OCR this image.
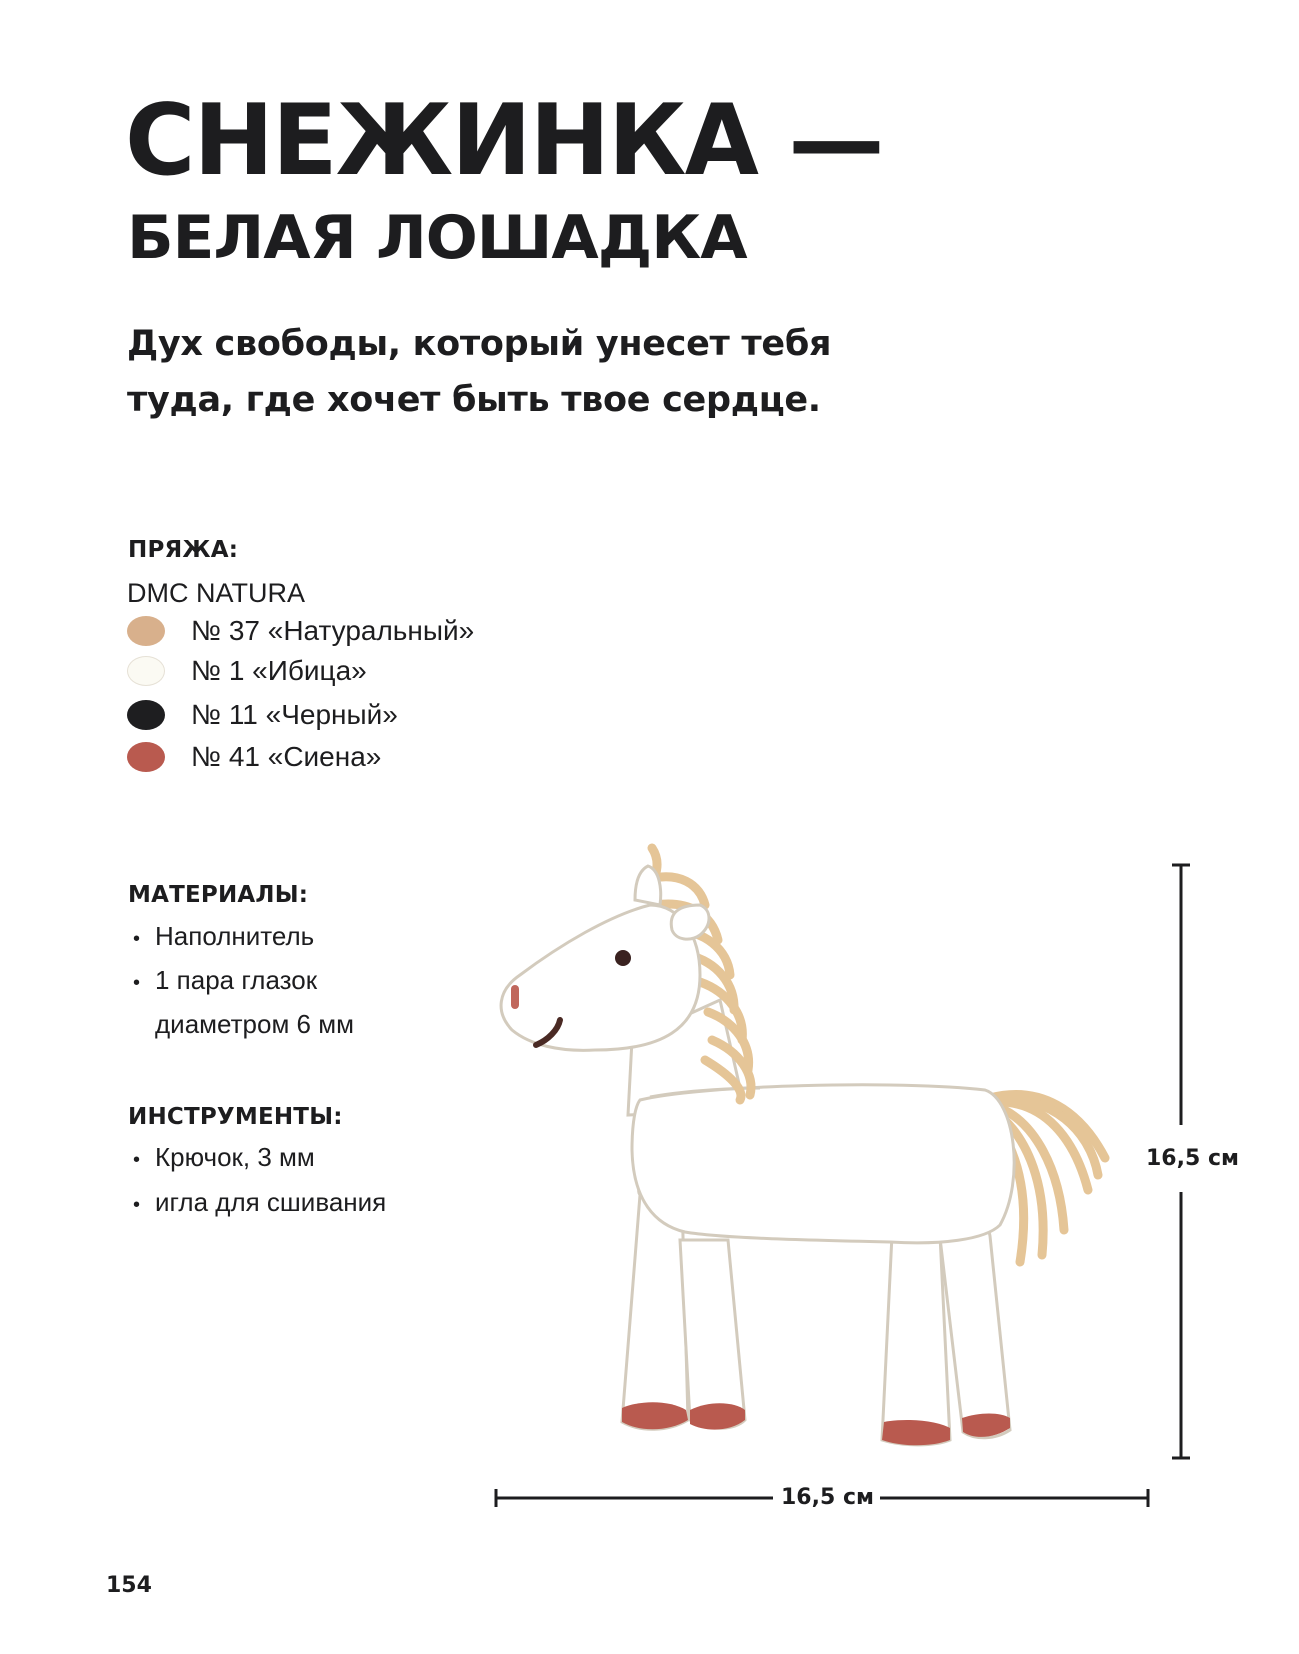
СНЕЖИНКА —
БЕЛАЯ ЛОШАДКА

Дух свободы, который унесет тебя
туда, где хочет быть твое сердце.

ПРЯЖА:

DMC NATURA

№ 37 «Натуральный»
№ 1 «Ибица»
№ 11 «Черный»
№ 41 «Сиена»
МАТЕРИАЛЫ:
• Наполнитель
• 1 пара глазок
диаметром 6 мм
ИНСТРУМЕНТЫ:
• Крючок, 3 мм
• игла для сшивания
16,5 см
16,5 см
154
